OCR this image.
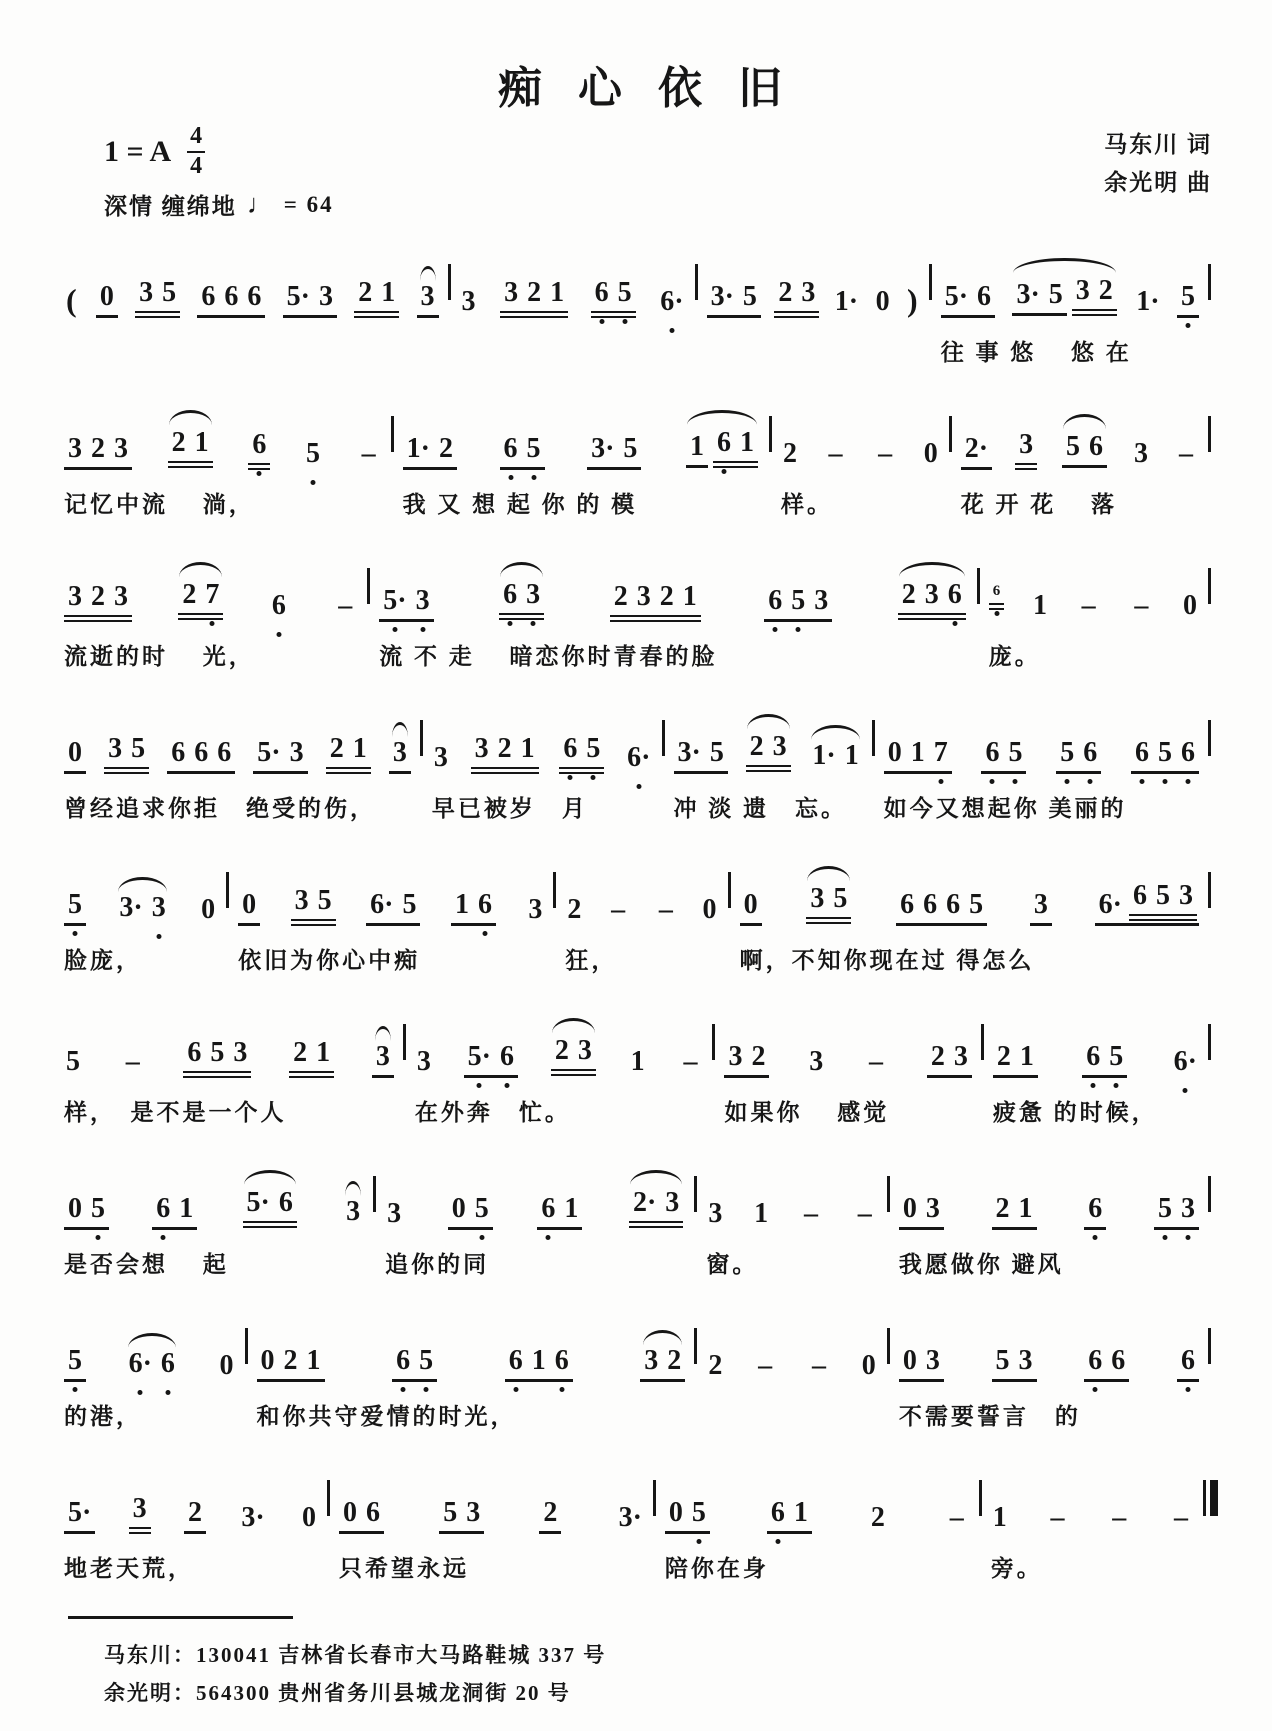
痴心依旧
1 = A $\frac{4}{4}$	马东川 词
余光明 曲
深情 缠绵地 ♩ = 64
( 0 3 5 6 6 6 5· 3 2 1 3 3 3 2 1 6 5 6· 3· 5 2 3 1· 0 ) 5· 6 3· 5 3 2 1· 5
往 事 悠　 悠 在
3 2 3 2 1 6 5 –
记忆中流　 淌，
1· 2 6 5 3· 5 1 6 1
我 又 想 起 你 的 模
2 – – 0
样。
2· 3 5 6 3 –
花 开 花　 落
3 2 3 2 7 6 –
流逝的时　 光，
5· 3	6 3	2 3 2 1	6 5 3	2 3 6
流 不 走　 暗恋你时青春的脸
6 1 – – 0
庞。
0 3 5 6 6 6 5· 3 2 1 3
曾经追求你拒　绝受的伤，
3 3 2 1 6 5 6·
早已被岁　月
3· 5 2 3 1· 1
冲 淡 遗　忘。
0 1 7 6 5 5 6 6 5 6
如今又想起你 美丽的
5 3· 3 0
脸庞，
0 3 5 6· 5 1 6 3
依旧为你心中痴
2 – – 0
狂，
0 3 5 6 6 6 5 3 6· 6 5 3
啊，不知你现在过 得怎么
5 – 6 5 3 2 1 3
样，　是不是一个人
3 5· 6 2 3 1 –
在外奔　忙。
3 2 3 – 2 3
如果你　 感觉
2 1 6 5 6·
疲惫 的时候，
0 5 6 1 5· 6 3
是否会想　 起
3 0 5 6 1 2· 3
追你的同
3 1 – –
窗。
0 3 2 1 6 5 3
我愿做你 避风
5 6· 6 0
的港，
0 2 1	6 5	6 1 6	3 2
和你共守爱情的时光，
2 – – 0 0 3 5 3 6 6 6
不需要誓言　的
5· 3 2 3· 0
地老天荒，
0 6 5 3 2 3·
只希望永远
0 5 6 1 2 –
陪你在身
1 – – –
旁。
马东川：130041 吉林省长春市大马路鞋城 337 号
余光明：564300 贵州省务川县城龙洞街 20 号
